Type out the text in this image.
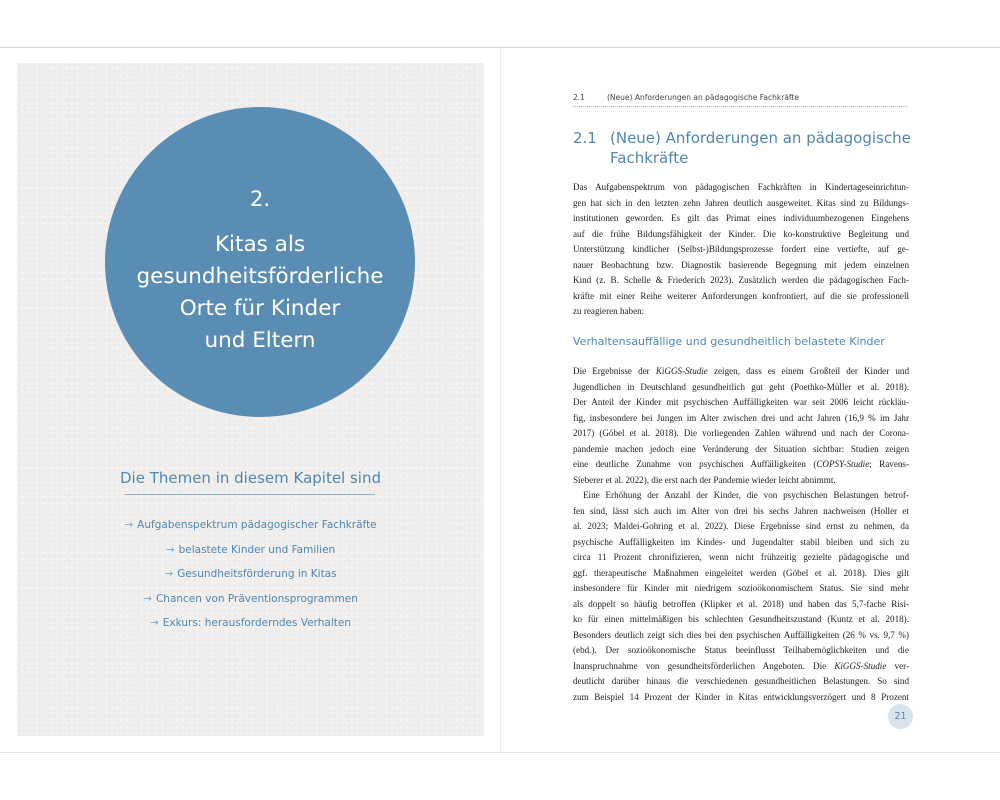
2.
Kitas als
gesundheitsförderliche
Orte für Kinder
und Eltern
Die Themen in diesem Kapitel sind
→ Aufgabenspektrum pädagogischer Fachkräfte
→ belastete Kinder und Familien
→ Gesundheitsförderung in Kitas
→ Chancen von Präventionsprogrammen
→ Exkurs: herausforderndes Verhalten
2.1	(Neue) Anforderungen an pädagogische Fachkräfte
2.1 (Neue) Anforderungen an pädagogische
Fachkräfte
Das Aufgabenspektrum von pädagogischen Fachkräften in Kindertageseinrichtun-
gen hat sich in den letzten zehn Jahren deutlich ausgeweitet. Kitas sind zu Bildungs-
institutionen geworden. Es gilt das Primat eines individuumbezogenen Eingehens
auf die frühe Bildungsfähigkeit der Kinder. Die ko-konstruktive Begleitung und
Unterstützung kindlicher (Selbst-)Bildungsprozesse fordert eine vertiefte, auf ge-
nauer Beobachtung bzw. Diagnostik basierende Begegnung mit jedem einzelnen
Kind (z. B. Schelle & Friederich 2023). Zusätzlich werden die pädagogischen Fach-
kräfte mit einer Reihe weiterer Anforderungen konfrontiert, auf die sie professionell
zu reagieren haben:
Verhaltensauffällige und gesundheitlich belastete Kinder
Die Ergebnisse der KiGGS-Studie zeigen, dass es einem Großteil der Kinder und
Jugendlichen in Deutschland gesundheitlich gut geht (Poethko-Müller et al. 2018).
Der Anteil der Kinder mit psychischen Auffälligkeiten war seit 2006 leicht rückläu-
fig, insbesondere bei Jungen im Alter zwischen drei und acht Jahren (16,9 % im Jahr
2017) (Göbel et al. 2018). Die vorliegenden Zahlen während und nach der Corona-
pandemie machen jedoch eine Veränderung der Situation sichtbar: Studien zeigen
eine deutliche Zunahme von psychischen Auffälligkeiten (COPSY-Studie; Ravens-
Sieberer et al. 2022), die erst nach der Pandemie wieder leicht abnimmt.
Eine Erhöhung der Anzahl der Kinder, die von psychischen Belastungen betrof-
fen sind, lässt sich auch im Alter von drei bis sechs Jahren nachweisen (Holler et
al. 2023; Maldei-Gohring et al. 2022). Diese Ergebnisse sind ernst zu nehmen, da
psychische Auffälligkeiten im Kindes- und Jugendalter stabil bleiben und sich zu
circa 11 Prozent chronifizieren, wenn nicht frühzeitig gezielte pädagogische und
ggf. therapeutische Maßnahmen eingeleitet werden (Göbel et al. 2018). Dies gilt
insbesondere für Kinder mit niedrigem sozioökonomischem Status. Sie sind mehr
als doppelt so häufig betroffen (Klipker et al. 2018) und haben das 5,7-fache Risi-
ko für einen mittelmäßigen bis schlechten Gesundheitszustand (Kuntz et al. 2018).
Besonders deutlich zeigt sich dies bei den psychischen Auffälligkeiten (26 % vs. 9,7 %)
(ebd.). Der sozioökonomische Status beeinflusst Teilhabemöglichkeiten und die
Inanspruchnahme von gesundheitsförderlichen Angeboten. Die KiGGS-Studie ver-
deutlicht darüber hinaus die verschiedenen gesundheitlichen Belastungen. So sind
zum Beispiel 14 Prozent der Kinder in Kitas entwicklungsverzögert und 8 Prozent
21
